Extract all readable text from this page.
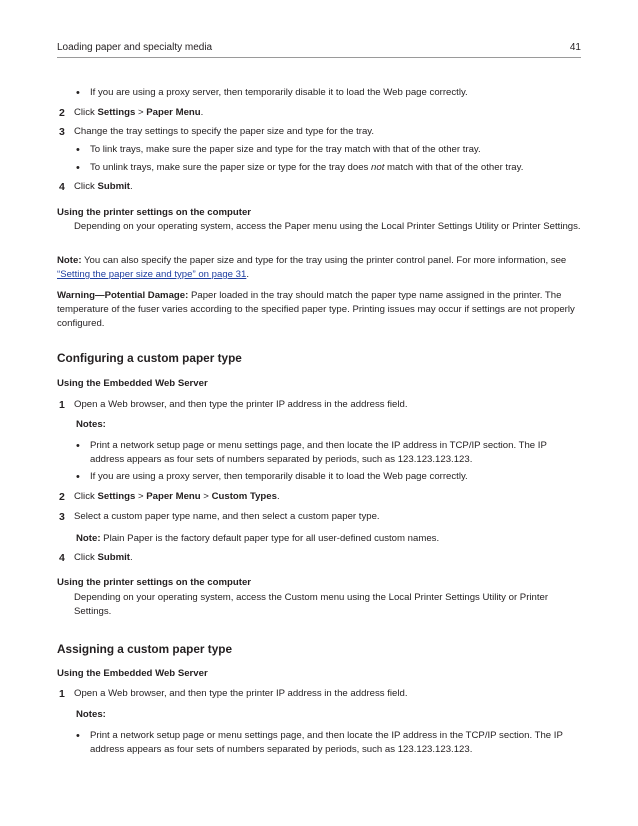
Loading paper and specialty media	41
• If you are using a proxy server, then temporarily disable it to load the Web page correctly.
2 Click Settings > Paper Menu.
3 Change the tray settings to specify the paper size and type for the tray.
• To link trays, make sure the paper size and type for the tray match with that of the other tray.
• To unlink trays, make sure the paper size or type for the tray does not match with that of the other tray.
4 Click Submit.
Using the printer settings on the computer
Depending on your operating system, access the Paper menu using the Local Printer Settings Utility or Printer Settings.
Note: You can also specify the paper size and type for the tray using the printer control panel. For more information, see “Setting the paper size and type” on page 31.
Warning—Potential Damage: Paper loaded in the tray should match the paper type name assigned in the printer. The temperature of the fuser varies according to the specified paper type. Printing issues may occur if settings are not properly configured.
Configuring a custom paper type
Using the Embedded Web Server
1 Open a Web browser, and then type the printer IP address in the address field.
Notes:
• Print a network setup page or menu settings page, and then locate the IP address in TCP/IP section. The IP address appears as four sets of numbers separated by periods, such as 123.123.123.123.
• If you are using a proxy server, then temporarily disable it to load the Web page correctly.
2 Click Settings > Paper Menu > Custom Types.
3 Select a custom paper type name, and then select a custom paper type.
Note: Plain Paper is the factory default paper type for all user‑defined custom names.
4 Click Submit.
Using the printer settings on the computer
Depending on your operating system, access the Custom menu using the Local Printer Settings Utility or Printer Settings.
Assigning a custom paper type
Using the Embedded Web Server
1 Open a Web browser, and then type the printer IP address in the address field.
Notes:
• Print a network setup page or menu settings page, and then locate the IP address in the TCP/IP section. The IP address appears as four sets of numbers separated by periods, such as 123.123.123.123.
